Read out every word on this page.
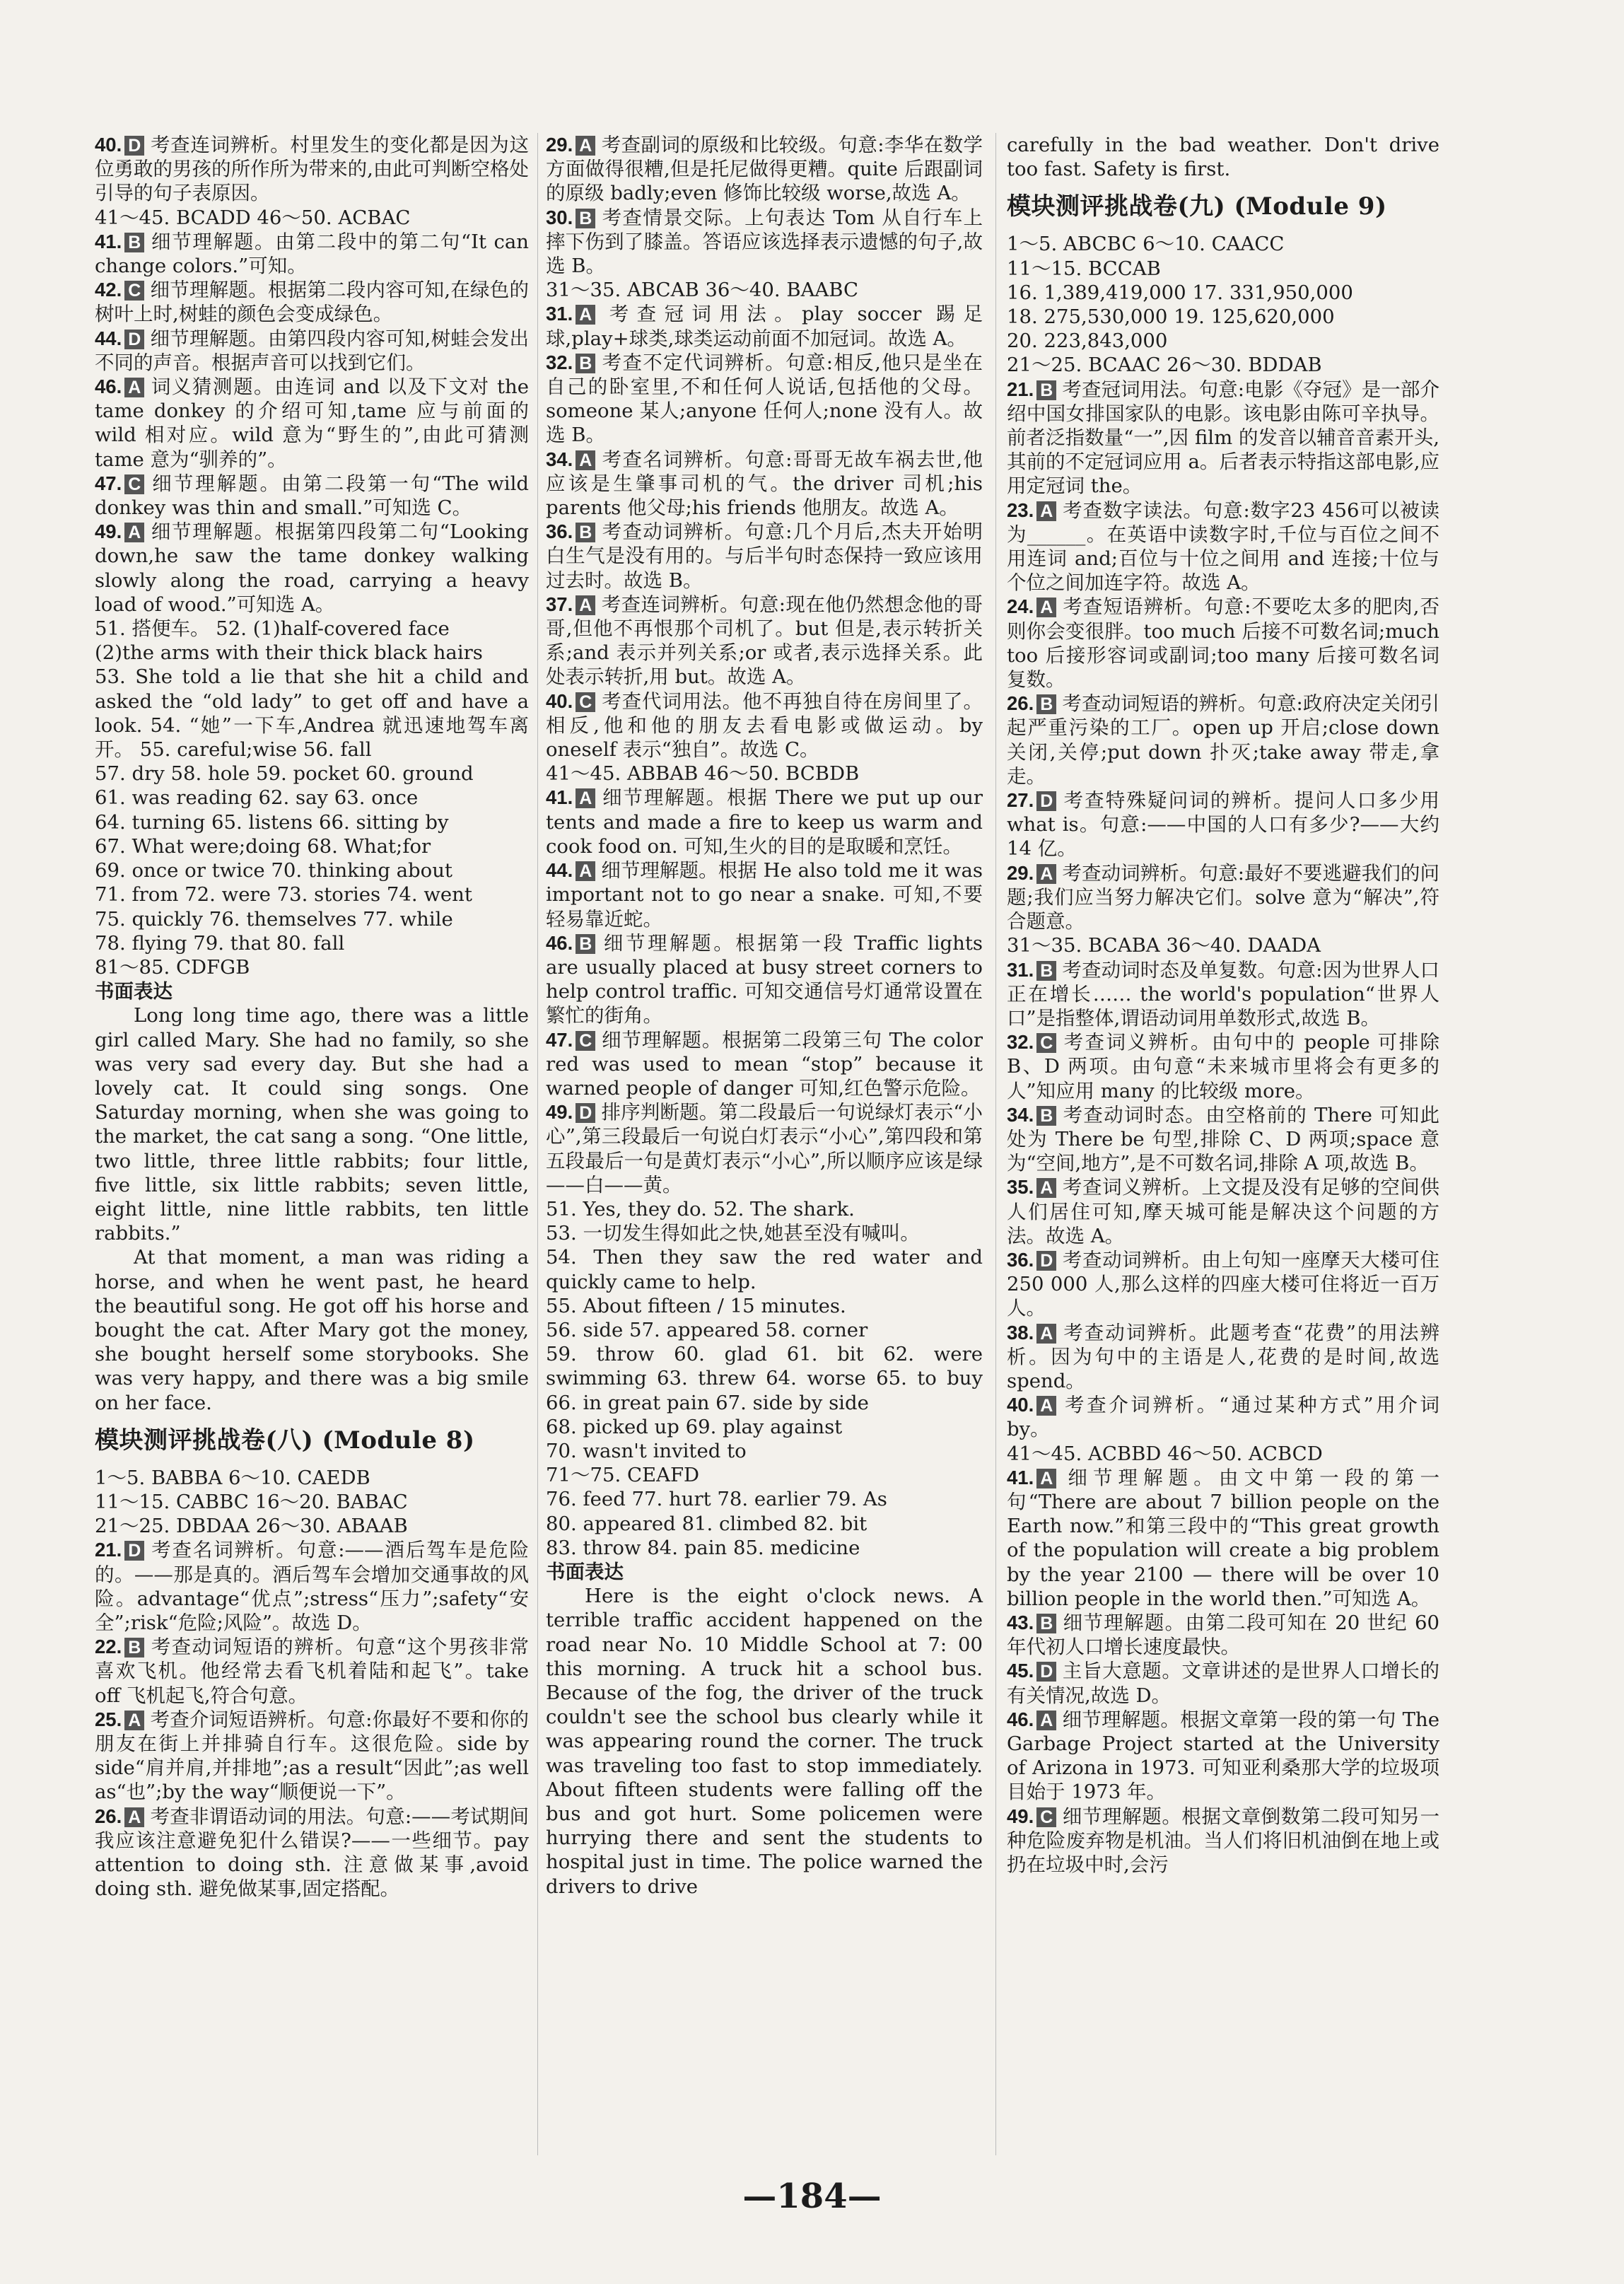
40. D 考查连词辨析。村里发生的变化都是因为这位勇敢的男孩的所作所为带来的,由此可判断空格处引导的句子表原因。

41～45. BCADD 46～50. ACBAC

41. B 细节理解题。由第二段中的第二句“It can change colors.”可知。

42. C 细节理解题。根据第二段内容可知,在绿色的树叶上时,树蛙的颜色会变成绿色。

44. D 细节理解题。由第四段内容可知,树蛙会发出不同的声音。根据声音可以找到它们。

46. A 词义猜测题。由连词 and 以及下文对 the tame donkey 的介绍可知,tame 应与前面的 wild 相对应。wild 意为“野生的”,由此可猜测 tame 意为“驯养的”。

47. C 细节理解题。由第二段第一句“The wild donkey was thin and small.”可知选 C。

49. A 细节理解题。根据第四段第二句“Looking down,he saw the tame donkey walking slowly along the road, carrying a heavy load of wood.”可知选 A。

51. 搭便车。 52. (1)half-covered face

(2)the arms with their thick black hairs

53. She told a lie that she hit a child and asked the “old lady” to get off and have a look. 54. “她”一下车,Andrea 就迅速地驾车离开。 55. careful;wise 56. fall

57. dry 58. hole 59. pocket 60. ground

61. was reading 62. say 63. once

64. turning 65. listens 66. sitting by

67. What were;doing 68. What;for

69. once or twice 70. thinking about

71. from 72. were 73. stories 74. went

75. quickly 76. themselves 77. while

78. flying 79. that 80. fall

81～85. CDFGB

书面表达

Long long time ago, there was a little girl called Mary. She had no family, so she was very sad every day. But she had a lovely cat. It could sing songs. One Saturday morning, when she was going to the market, the cat sang a song. “One little, two little, three little rabbits; four little, five little, six little rabbits; seven little, eight little, nine little rabbits, ten little rabbits.”

At that moment, a man was riding a horse, and when he went past, he heard the beautiful song. He got off his horse and bought the cat. After Mary got the money, she bought herself some storybooks. She was very happy, and there was a big smile on her face.

模块测评挑战卷(八) (Module 8)

1～5. BABBA 6～10. CAEDB

11～15. CABBC 16～20. BABAC

21～25. DBDAA 26～30. ABAAB

21. D 考查名词辨析。句意:——酒后驾车是危险的。——那是真的。酒后驾车会增加交通事故的风险。advantage“优点”;stress“压力”;safety“安全”;risk“危险;风险”。故选 D。

22. B 考查动词短语的辨析。句意“这个男孩非常喜欢飞机。他经常去看飞机着陆和起飞”。take off 飞机起飞,符合句意。

25. A 考查介词短语辨析。句意:你最好不要和你的朋友在街上并排骑自行车。这很危险。side by side“肩并肩,并排地”;as a result“因此”;as well as“也”;by the way“顺便说一下”。

26. A 考查非谓语动词的用法。句意:——考试期间我应该注意避免犯什么错误?——一些细节。pay attention to doing sth. 注意做某事,avoid doing sth. 避免做某事,固定搭配。

29. A 考查副词的原级和比较级。句意:李华在数学方面做得很糟,但是托尼做得更糟。quite 后跟副词的原级 badly;even 修饰比较级 worse,故选 A。

30. B 考查情景交际。上句表达 Tom 从自行车上摔下伤到了膝盖。答语应该选择表示遗憾的句子,故选 B。

31～35. ABCAB 36～40. BAABC

31. A 考查冠词用法。play soccer 踢足球,play+球类,球类运动前面不加冠词。故选 A。

32. B 考查不定代词辨析。句意:相反,他只是坐在自己的卧室里,不和任何人说话,包括他的父母。someone 某人;anyone 任何人;none 没有人。故选 B。

34. A 考查名词辨析。句意:哥哥无故车祸去世,他应该是生肇事司机的气。the driver 司机;his parents 他父母;his friends 他朋友。故选 A。

36. B 考查动词辨析。句意:几个月后,杰夫开始明白生气是没有用的。与后半句时态保持一致应该用过去时。故选 B。

37. A 考查连词辨析。句意:现在他仍然想念他的哥哥,但他不再恨那个司机了。but 但是,表示转折关系;and 表示并列关系;or 或者,表示选择关系。此处表示转折,用 but。故选 A。

40. C 考查代词用法。他不再独自待在房间里了。相反,他和他的朋友去看电影或做运动。by oneself 表示“独自”。故选 C。

41～45. ABBAB 46～50. BCBDB

41. A 细节理解题。根据 There we put up our tents and made a fire to keep us warm and cook food on. 可知,生火的目的是取暖和烹饪。

44. A 细节理解题。根据 He also told me it was important not to go near a snake. 可知,不要轻易靠近蛇。

46. B 细节理解题。根据第一段 Traffic lights are usually placed at busy street corners to help control traffic. 可知交通信号灯通常设置在繁忙的街角。

47. C 细节理解题。根据第二段第三句 The color red was used to mean “stop” because it warned people of danger 可知,红色警示危险。

49. D 排序判断题。第二段最后一句说绿灯表示“小心”,第三段最后一句说白灯表示“小心”,第四段和第五段最后一句是黄灯表示“小心”,所以顺序应该是绿——白——黄。

51. Yes, they do. 52. The shark.

53. 一切发生得如此之快,她甚至没有喊叫。

54. Then they saw the red water and quickly came to help.

55. About fifteen / 15 minutes.

56. side 57. appeared 58. corner

59. throw 60. glad 61. bit 62. were swimming 63. threw 64. worse 65. to buy 66. in great pain 67. side by side

68. picked up 69. play against

70. wasn't invited to

71～75. CEAFD

76. feed 77. hurt 78. earlier 79. As

80. appeared 81. climbed 82. bit

83. throw 84. pain 85. medicine

书面表达

Here is the eight o'clock news. A terrible traffic accident happened on the road near No. 10 Middle School at 7: 00 this morning. A truck hit a school bus. Because of the fog, the driver of the truck couldn't see the school bus clearly while it was appearing round the corner. The truck was traveling too fast to stop immediately. About fifteen students were falling off the bus and got hurt. Some policemen were hurrying there and sent the students to hospital just in time. The police warned the drivers to drive

carefully in the bad weather. Don't drive too fast. Safety is first.

模块测评挑战卷(九) (Module 9)

1～5. ABCBC 6～10. CAACC

11～15. BCCAB

16. 1,389,419,000 17. 331,950,000

18. 275,530,000 19. 125,620,000

20. 223,843,000

21～25. BCAAC 26～30. BDDAB

21. B 考查冠词用法。句意:电影《夺冠》是一部介绍中国女排国家队的电影。该电影由陈可辛执导。前者泛指数量“一”,因 film 的发音以辅音音素开头,其前的不定冠词应用 a。后者表示特指这部电影,应用定冠词 the。

23. A 考查数字读法。句意:数字23 456可以被读为______。在英语中读数字时,千位与百位之间不用连词 and;百位与十位之间用 and 连接;十位与个位之间加连字符。故选 A。

24. A 考查短语辨析。句意:不要吃太多的肥肉,否则你会变很胖。too much 后接不可数名词;much too 后接形容词或副词;too many 后接可数名词复数。

26. B 考查动词短语的辨析。句意:政府决定关闭引起严重污染的工厂。open up 开启;close down 关闭,关停;put down 扑灭;take away 带走,拿走。

27. D 考查特殊疑问词的辨析。提问人口多少用 what is。句意:——中国的人口有多少?——大约 14 亿。

29. A 考查动词辨析。句意:最好不要逃避我们的问题;我们应当努力解决它们。solve 意为“解决”,符合题意。

31～35. BCABA 36～40. DAADA

31. B 考查动词时态及单复数。句意:因为世界人口正在增长…… the world's population“世界人口”是指整体,谓语动词用单数形式,故选 B。

32. C 考查词义辨析。由句中的 people 可排除 B、D 两项。由句意“未来城市里将会有更多的人”知应用 many 的比较级 more。

34. B 考查动词时态。由空格前的 There 可知此处为 There be 句型,排除 C、D 两项;space 意为“空间,地方”,是不可数名词,排除 A 项,故选 B。

35. A 考查词义辨析。上文提及没有足够的空间供人们居住可知,摩天城可能是解决这个问题的方法。故选 A。

36. D 考查动词辨析。由上句知一座摩天大楼可住 250 000 人,那么这样的四座大楼可住将近一百万人。

38. A 考查动词辨析。此题考查“花费”的用法辨析。因为句中的主语是人,花费的是时间,故选 spend。

40. A 考查介词辨析。“通过某种方式”用介词 by。

41～45. ACBBD 46～50. ACBCD

41. A 细节理解题。由文中第一段的第一句“There are about 7 billion people on the Earth now.”和第三段中的“This great growth of the population will create a big problem by the year 2100 — there will be over 10 billion people in the world then.”可知选 A。

43. B 细节理解题。由第二段可知在 20 世纪 60 年代初人口增长速度最快。

45. D 主旨大意题。文章讲述的是世界人口增长的有关情况,故选 D。

46. A 细节理解题。根据文章第一段的第一句 The Garbage Project started at the University of Arizona in 1973. 可知亚利桑那大学的垃圾项目始于 1973 年。

49. C 细节理解题。根据文章倒数第二段可知另一种危险废弃物是机油。当人们将旧机油倒在地上或扔在垃圾中时,会污

—184—
